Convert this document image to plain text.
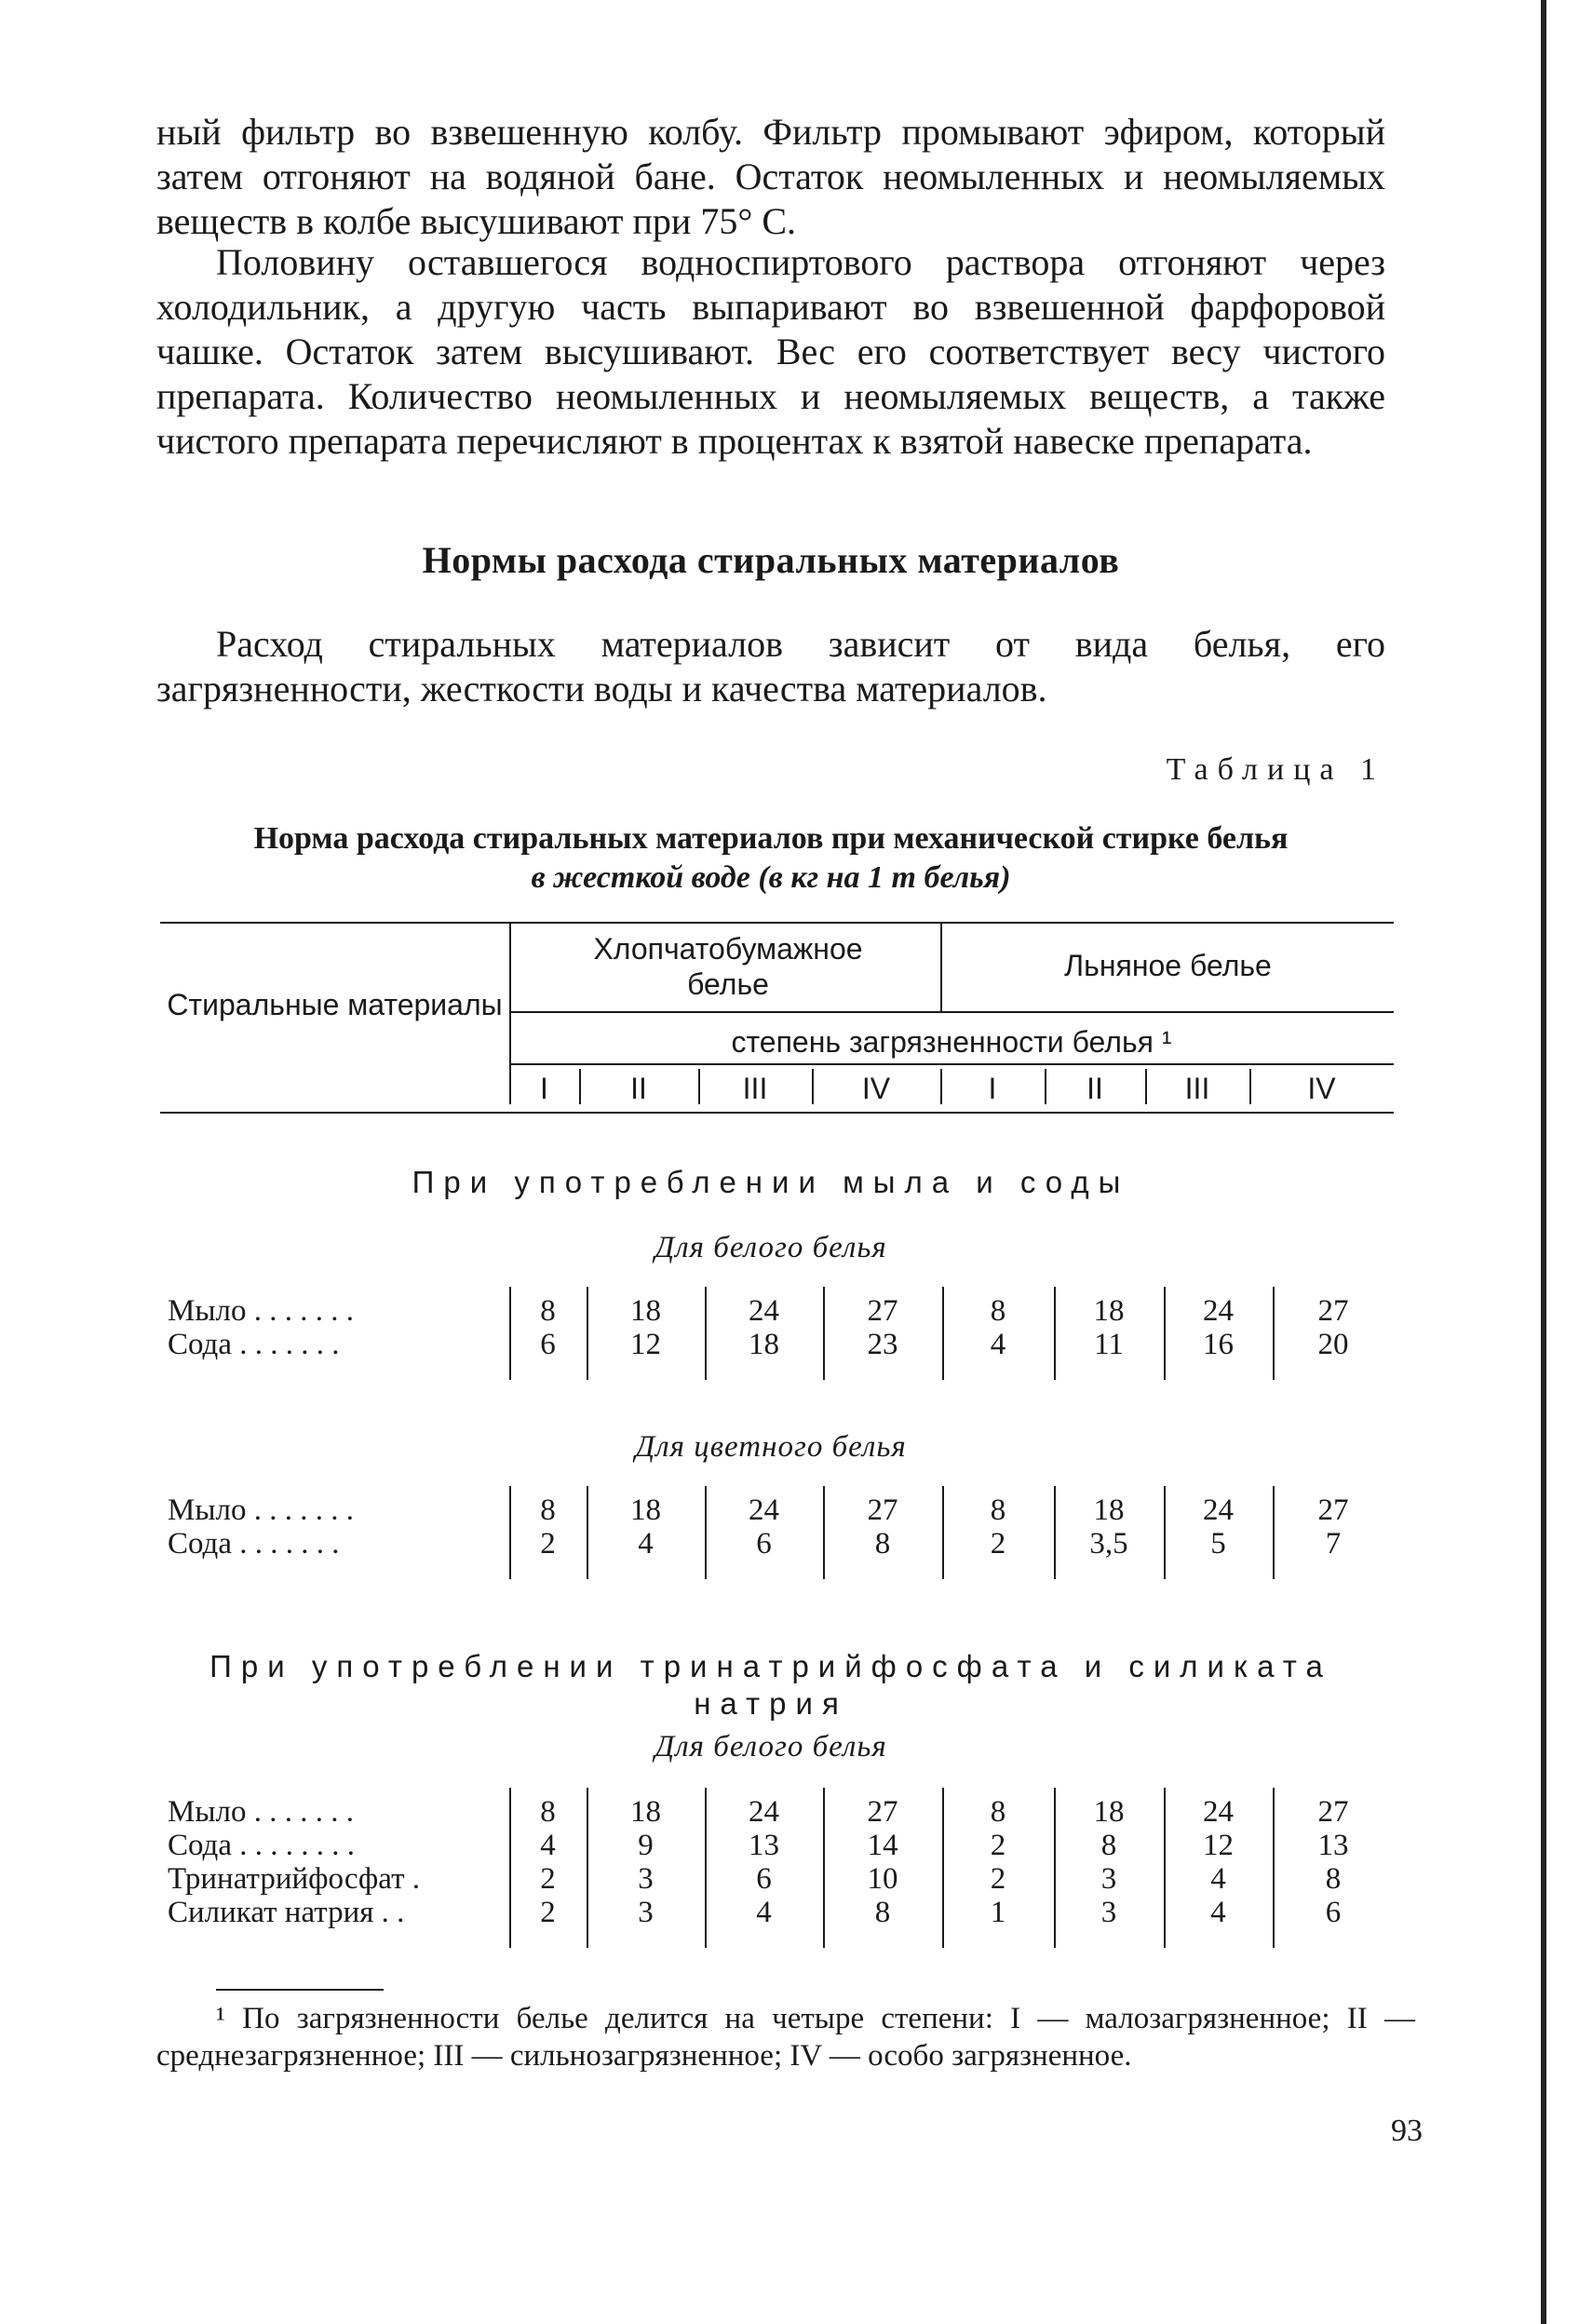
ный фильтр во взвешенную колбу. Фильтр промывают эфиром, который затем отгоняют на водяной бане. Остаток неомыленных и неомыляемых веществ в колбе высушивают при 75° С.
Половину оставшегося водноспиртового раствора отгоняют через холодильник, а другую часть выпаривают во взвешенной фарфоровой чашке. Остаток затем высушивают. Вес его соответствует весу чистого препарата. Количество неомыленных и неомыляемых веществ, а также чистого препарата перечисляют в процентах к взятой навеске препарата.
Нормы расхода стиральных материалов
Расход стиральных материалов зависит от вида белья, его загрязненности, жесткости воды и качества материалов.
Таблица 1
Норма расхода стиральных материалов при механической стирке белья
в жесткой воде (в кг на 1 т белья)
Стиральные материалы
Хлопчатобумажное белье
Льняное белье
степень загрязненности белья ¹
I	II	III	IV	I	II	III	IV
При употреблении мыла и соды
Для белого белья
Мыло . . . . . . .	8	18	24	27	8	18	24	27
Сода . . . . . . .	6	12	18	23	4	11	16	20
Для цветного белья
Мыло . . . . . . .	8	18	24	27	8	18	24	27
Сода . . . . . . .	2	4	6	8	2	3,5	5	7
При употреблении тринатрийфосфата и силиката натрия
Для белого белья
Мыло . . . . . . .	8	18	24	27	8	18	24	27
Сода . . . . . . . .	4	9	13	14	2	8	12	13
Тринатрийфосфат .	2	3	6	10	2	3	4	8
Силикат натрия . .	2	3	4	8	1	3	4	6
¹ По загрязненности белье делится на четыре степени: I — малозагрязненное; II — среднезагрязненное; III — сильнозагрязненное; IV — особо загрязненное.
93
